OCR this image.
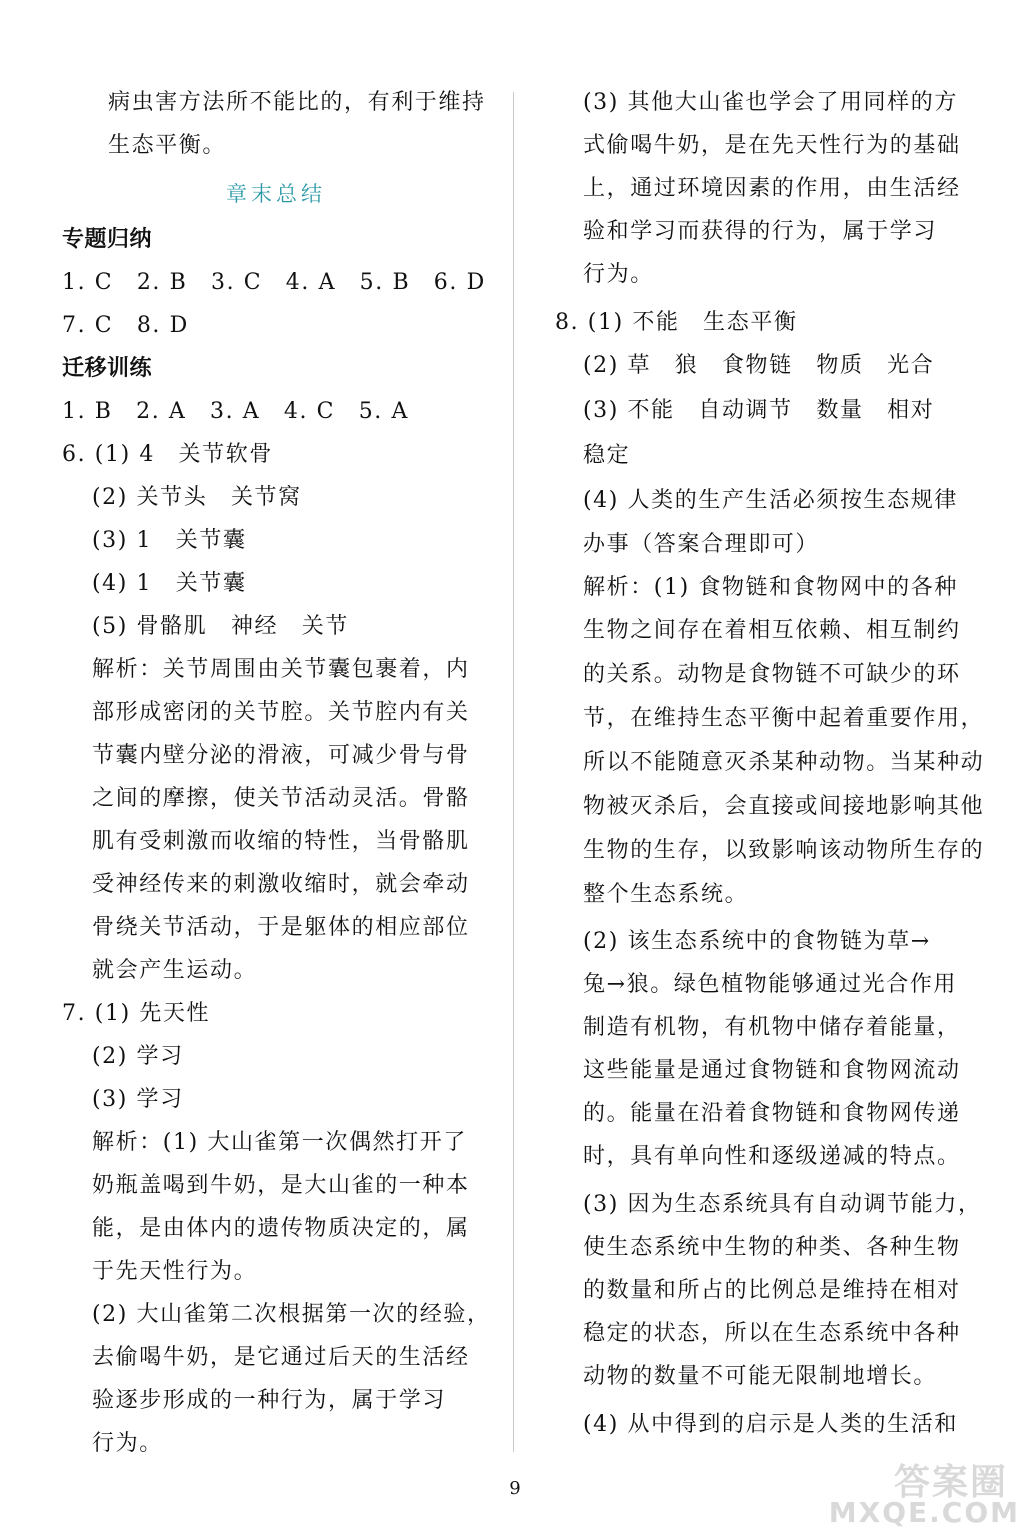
病虫害方法所不能比的，有利于维持
生态平衡。
章末总结
专题归纳
1. C　2. B　3. C　4. A　5. B　6. D
7. C　8. D
迁移训练
1. B　2. A　3. A　4. C　5. A
6. (1) 4　关节软骨
(2) 关节头　关节窝
(3) 1　关节囊
(4) 1　关节囊
(5) 骨骼肌　神经　关节
解析：关节周围由关节囊包裹着，内
部形成密闭的关节腔。关节腔内有关
节囊内壁分泌的滑液，可减少骨与骨
之间的摩擦，使关节活动灵活。骨骼
肌有受刺激而收缩的特性，当骨骼肌
受神经传来的刺激收缩时，就会牵动
骨绕关节活动，于是躯体的相应部位
就会产生运动。
7. (1) 先天性
(2) 学习
(3) 学习
解析：(1) 大山雀第一次偶然打开了
奶瓶盖喝到牛奶，是大山雀的一种本
能，是由体内的遗传物质决定的，属
于先天性行为。
(2) 大山雀第二次根据第一次的经验，
去偷喝牛奶，是它通过后天的生活经
验逐步形成的一种行为，属于学习
行为。
(3) 其他大山雀也学会了用同样的方
式偷喝牛奶，是在先天性行为的基础
上，通过环境因素的作用，由生活经
验和学习而获得的行为，属于学习
行为。
8. (1) 不能　生态平衡
(2) 草　狼　食物链　物质　光合
(3) 不能　自动调节　数量　相对
稳定
(4) 人类的生产生活必须按生态规律
办事（答案合理即可）
解析：(1) 食物链和食物网中的各种
生物之间存在着相互依赖、相互制约
的关系。动物是食物链不可缺少的环
节，在维持生态平衡中起着重要作用，
所以不能随意灭杀某种动物。当某种动
物被灭杀后，会直接或间接地影响其他
生物的生存，以致影响该动物所生存的
整个生态系统。
(2) 该生态系统中的食物链为草→
兔→狼。绿色植物能够通过光合作用
制造有机物，有机物中储存着能量，
这些能量是通过食物链和食物网流动
的。能量在沿着食物链和食物网传递
时，具有单向性和逐级递减的特点。
(3) 因为生态系统具有自动调节能力，
使生态系统中生物的种类、各种生物
的数量和所占的比例总是维持在相对
稳定的状态，所以在生态系统中各种
动物的数量不可能无限制地增长。
(4) 从中得到的启示是人类的生活和
9	答案圈
MXQE.COM
